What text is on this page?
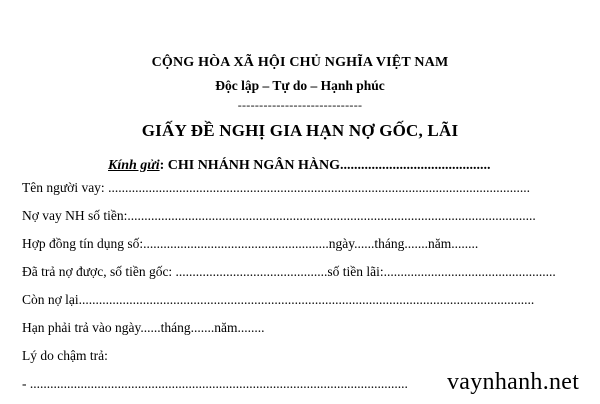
CỘNG HÒA XÃ HỘI CHỦ NGHĨA VIỆT NAM
Độc lập – Tự do – Hạnh phúc
-----------------------------
GIẤY ĐỀ NGHỊ GIA HẠN NỢ GỐC, LÃI
Kính gửi: CHI NHÁNH NGÂN HÀNG...........................................
Tên người vay: .............................................................................................................................
Nợ vay NH số tiền:.........................................................................................................................
Hợp đồng tín dụng số:.......................................................ngày......tháng.......năm........
Đã trả nợ được, số tiền gốc: .............................................số tiền lãi:...................................................
Còn nợ lại.......................................................................................................................................
Hạn phải trả vào ngày......tháng.......năm........
Lý do chậm trả:
- ................................................................................................................ vaynhanh.net
